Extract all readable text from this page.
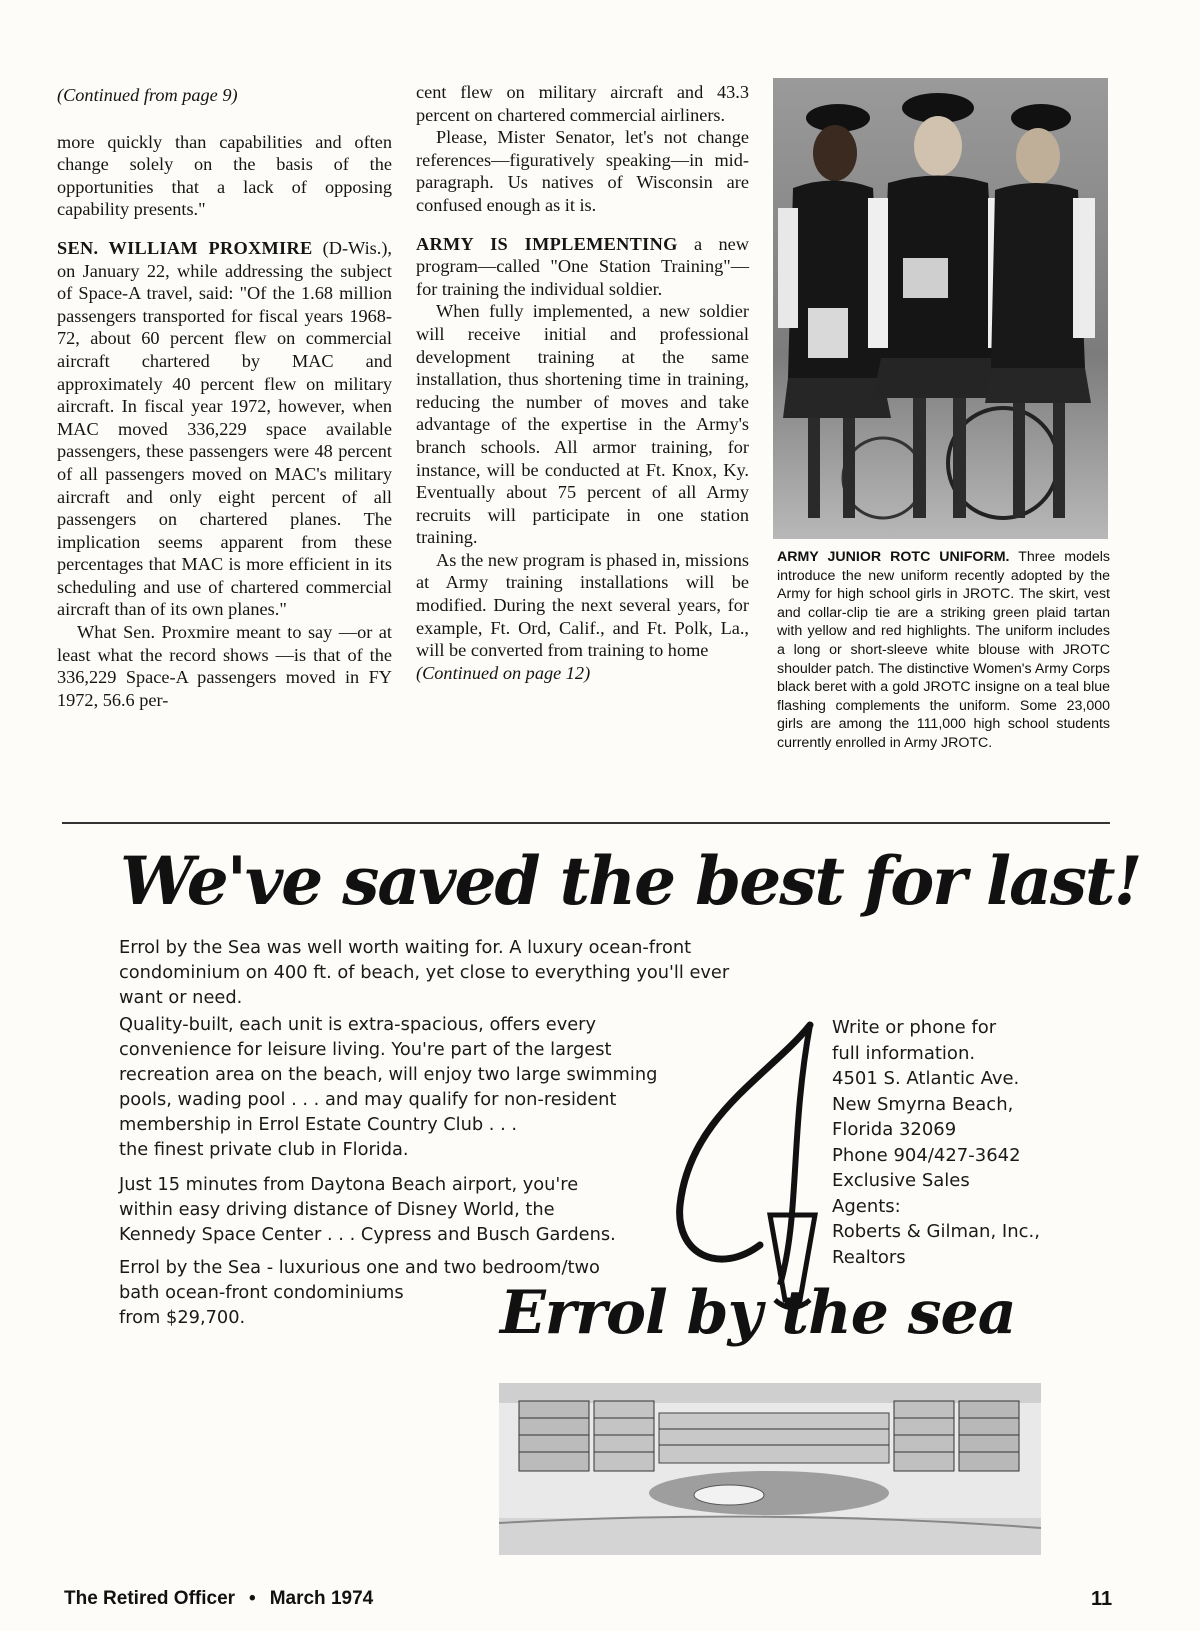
(Continued from page 9)

more quickly than capabilities and often change solely on the basis of the opportunities that a lack of opposing capability presents."

SEN. WILLIAM PROXMIRE (D-Wis.), on January 22, while addressing the subject of Space-A travel, said: "Of the 1.68 million passengers transported for fiscal years 1968-72, about 60 percent flew on commercial aircraft chartered by MAC and approximately 40 percent flew on military aircraft. In fiscal year 1972, however, when MAC moved 336,229 space available passengers, these passengers were 48 percent of all passengers moved on MAC's military aircraft and only eight percent of all passengers on chartered planes. The implication seems apparent from these percentages that MAC is more efficient in its scheduling and use of chartered commercial aircraft than of its own planes."

What Sen. Proxmire meant to say —or at least what the record shows —is that of the 336,229 Space-A passengers moved in FY 1972, 56.6 per-

cent flew on military aircraft and 43.3 percent on chartered commercial airliners.

Please, Mister Senator, let's not change references—figuratively speaking—in mid-paragraph. Us natives of Wisconsin are confused enough as it is.

ARMY IS IMPLEMENTING a new program—called "One Station Training"—for training the individual soldier.

When fully implemented, a new soldier will receive initial and professional development training at the same installation, thus shortening time in training, reducing the number of moves and take advantage of the expertise in the Army's branch schools. All armor training, for instance, will be conducted at Ft. Knox, Ky. Eventually about 75 percent of all Army recruits will participate in one station training.

As the new program is phased in, missions at Army training installations will be modified. During the next several years, for example, Ft. Ord, Calif., and Ft. Polk, La., will be converted from training to home

(Continued on page 12)

ARMY JUNIOR ROTC UNIFORM. Three models introduce the new uniform recently adopted by the Army for high school girls in JROTC. The skirt, vest and collar-clip tie are a striking green plaid tartan with yellow and red highlights. The uniform includes a long or short-sleeve white blouse with JROTC shoulder patch. The distinctive Women's Army Corps black beret with a gold JROTC insigne on a teal blue flashing complements the uniform. Some 23,000 girls are among the 111,000 high school students currently enrolled in Army JROTC.
We've saved the best for last!
Errol by the Sea was well worth waiting for. A luxury ocean-front condominium on 400 ft. of beach, yet close to everything you'll ever want or need.
Quality-built, each unit is extra-spacious, offers every
convenience for leisure living. You're part of the largest
recreation area on the beach, will enjoy two large swimming
pools, wading pool . . . and may qualify for non-resident
membership in Errol Estate Country Club . . .
the finest private club in Florida.
Just 15 minutes from Daytona Beach airport, you're
within easy driving distance of Disney World, the
Kennedy Space Center . . . Cypress and Busch Gardens.
Errol by the Sea - luxurious one and two bedroom/two
bath ocean-front condominiums
from $29,700.
Write or phone for
full information.
4501 S. Atlantic Ave.
New Smyrna Beach,
Florida 32069
Phone 904/427-3642
Exclusive Sales
Agents:
Roberts & Gilman, Inc.,
Realtors
Errol by the sea
The Retired Officer • March 1974	11
